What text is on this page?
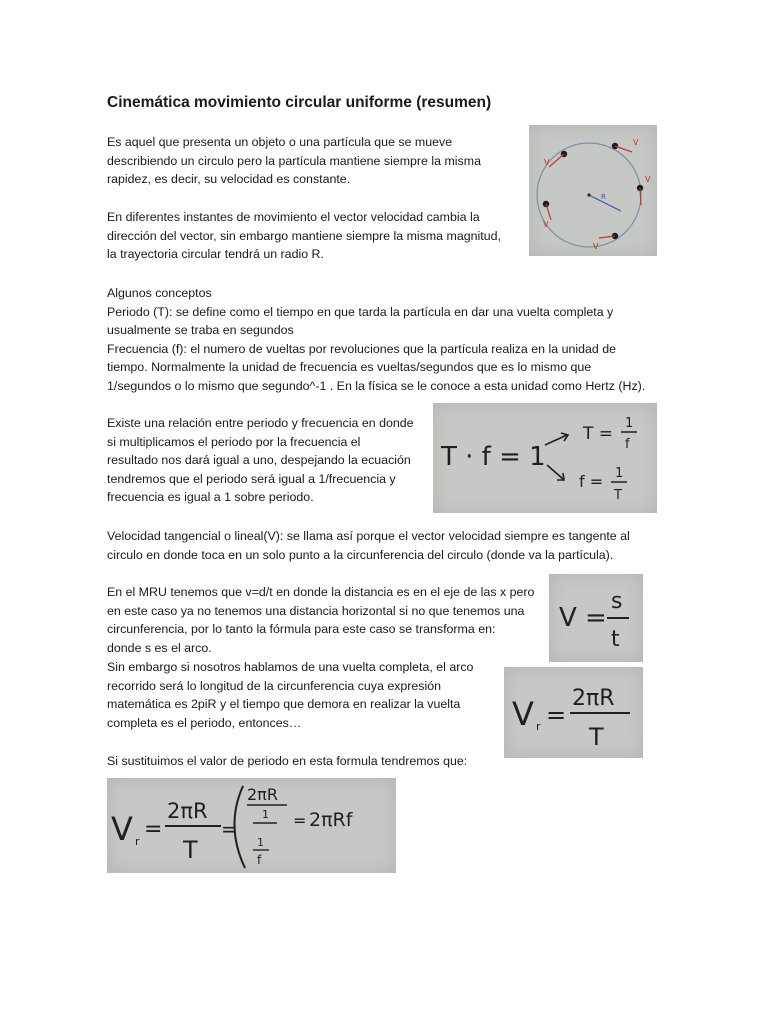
Cinemática movimiento circular uniforme (resumen)

Es aquel que presenta un objeto o una partícula que se mueve
describiendo un circulo pero la partícula mantiene siempre la misma
rapidez, es decir, su velocidad es constante.

En diferentes instantes de movimiento el vector velocidad cambia la
dirección del vector, sin embargo mantiene siempre la misma magnitud,
la trayectoria circular tendrá un radio R.

R
V
V
V
V
V

Algunos conceptos
Periodo (T): se define como el tiempo en que tarda la partícula en dar una vuelta completa y
usualmente se traba en segundos
Frecuencia (f): el numero de vueltas por revoluciones que la partícula realiza en la unidad de
tiempo. Normalmente la unidad de frecuencia es vueltas/segundos que es lo mismo que
1/segundos o lo mismo que segundo^-1 . En la física se le conoce a esta unidad como Hertz (Hz).

Existe una relación entre periodo y frecuencia en donde
si multiplicamos el periodo por la frecuencia el
resultado nos dará igual a uno, despejando la ecuación
tendremos que el periodo será igual a 1/frecuencia y
frecuencia es igual a 1 sobre periodo.

T · f = 1
T =
1
f
f = 1
T

Velocidad tangencial o lineal(V): se llama así porque el vector velocidad siempre es tangente al
circulo en donde toca en un solo punto a la circunferencia del circulo (donde va la partícula).

En el MRU tenemos que v=d/t en donde la distancia es en el eje de las x pero
en este caso ya no tenemos una distancia horizontal si no que tenemos una
circunferencia, por lo tanto la fórmula para este caso se transforma en:
donde s es el arco.

V =
s
t

Sin embargo si nosotros hablamos de una vuelta completa, el arco
recorrido será lo longitud de la circunferencia cuya expresión
matemática es 2piR y el tiempo que demora en realizar la vuelta
completa es el periodo, entonces…	V r =
2πR
T

Si sustituimos el valor de periodo en esta formula tendremos que:

V r =
2πR
T
=
2πR
1
1
f
= 2πRf
